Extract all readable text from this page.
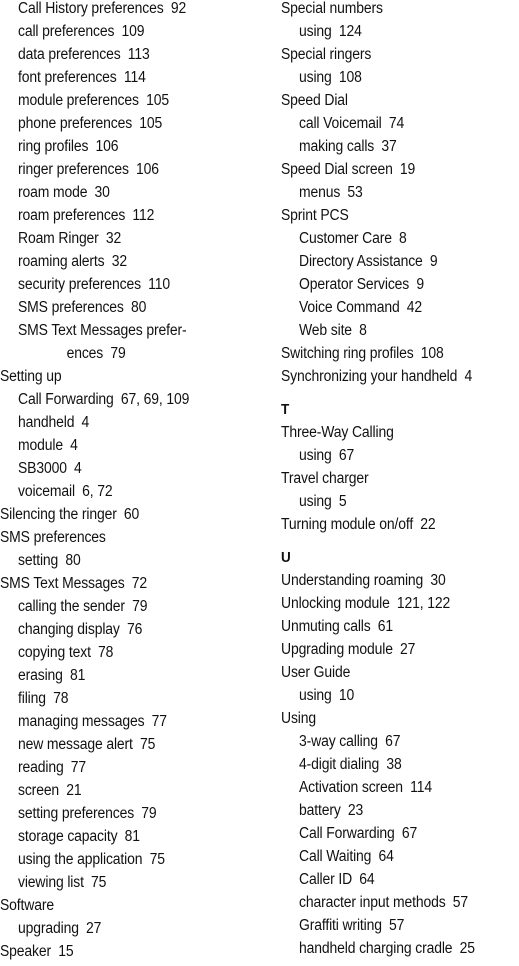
Call History preferences 92
call preferences 109
data preferences 113
font preferences 114
module preferences 105
phone preferences 105
ring profiles 106
ringer preferences 106
roam mode 30
roam preferences 112
Roam Ringer 32
roaming alerts 32
security preferences 110
SMS preferences 80
SMS Text Messages prefer-
ences 79
Setting up
Call Forwarding 67, 69, 109
handheld 4
module 4
SB3000 4
voicemail 6, 72
Silencing the ringer 60
SMS preferences
setting 80
SMS Text Messages 72
calling the sender 79
changing display 76
copying text 78
erasing 81
filing 78
managing messages 77
new message alert 75
reading 77
screen 21
setting preferences 79
storage capacity 81
using the application 75
viewing list 75
Software
upgrading 27
Speaker 15
Special numbers
using 124
Special ringers
using 108
Speed Dial
call Voicemail 74
making calls 37
Speed Dial screen 19
menus 53
Sprint PCS
Customer Care 8
Directory Assistance 9
Operator Services 9
Voice Command 42
Web site 8
Switching ring profiles 108
Synchronizing your handheld 4
T
Three-Way Calling
using 67
Travel charger
using 5
Turning module on/off 22
U
Understanding roaming 30
Unlocking module 121, 122
Unmuting calls 61
Upgrading module 27
User Guide
using 10
Using
3-way calling 67
4-digit dialing 38
Activation screen 114
battery 23
Call Forwarding 67
Call Waiting 64
Caller ID 64
character input methods 57
Graffiti writing 57
handheld charging cradle 25
